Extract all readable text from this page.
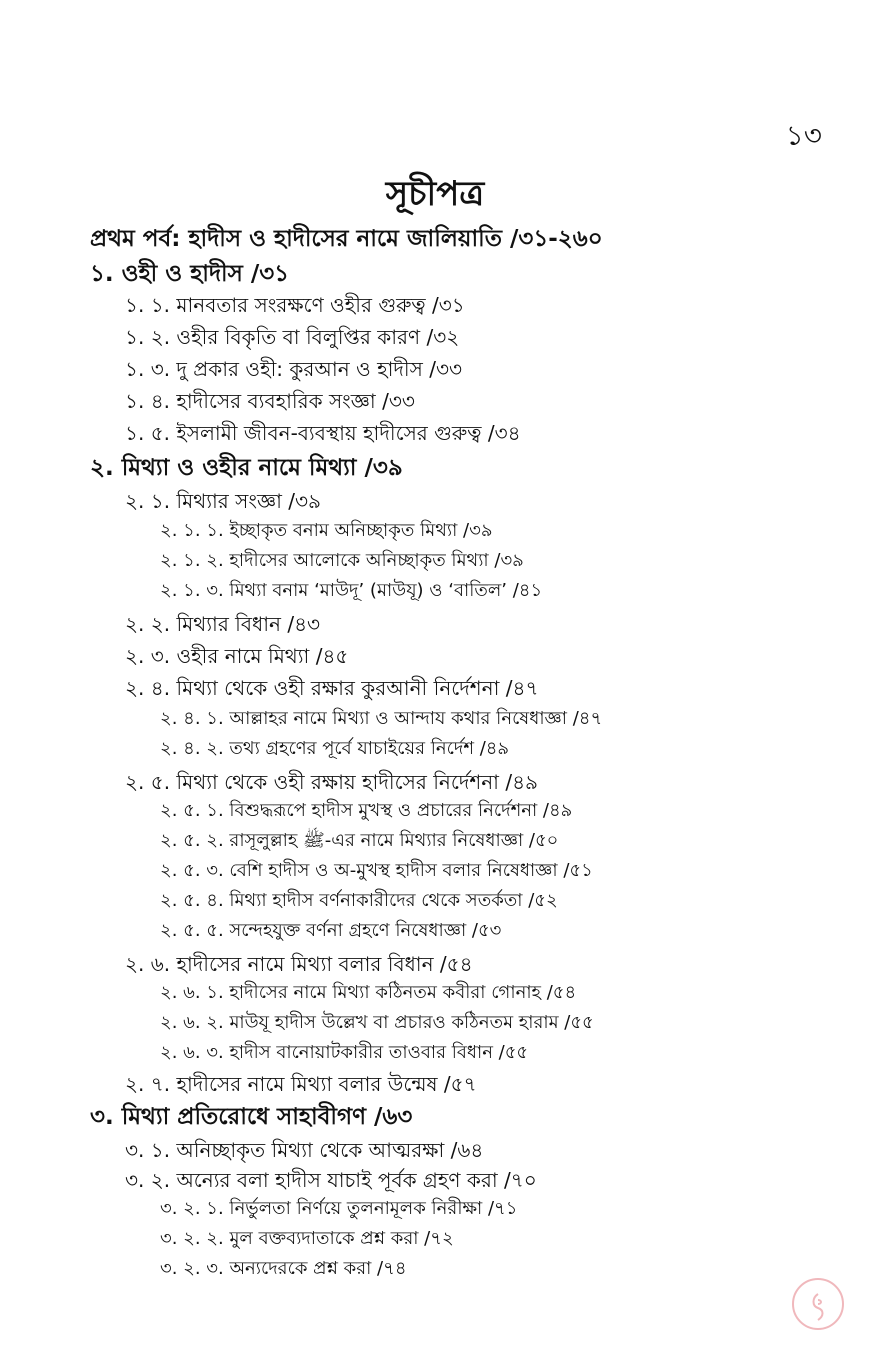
১৩
সূচীপত্র
প্রথম পর্ব: হাদীস ও হাদীসের নামে জালিয়াতি /৩১-২৬০
১. ওহী ও হাদীস /৩১
১. ১. মানবতার সংরক্ষণে ওহীর গুরুত্ব /৩১
১. ২. ওহীর বিকৃতি বা বিলুপ্তির কারণ /৩২
১. ৩. দু প্রকার ওহী: কুরআন ও হাদীস /৩৩
১. ৪. হাদীসের ব্যবহারিক সংজ্ঞা /৩৩
১. ৫. ইসলামী জীবন-ব্যবস্থায় হাদীসের গুরুত্ব /৩৪
২. মিথ্যা ও ওহীর নামে মিথ্যা /৩৯
২. ১. মিথ্যার সংজ্ঞা /৩৯
২. ১. ১. ইচ্ছাকৃত বনাম অনিচ্ছাকৃত মিথ্যা /৩৯
২. ১. ২. হাদীসের আলোকে অনিচ্ছাকৃত মিথ্যা /৩৯
২. ১. ৩. মিথ্যা বনাম ‘মাউদূ’ (মাউযূ) ও ‘বাতিল’ /৪১
২. ২. মিথ্যার বিধান /৪৩
২. ৩. ওহীর নামে মিথ্যা /৪৫
২. ৪. মিথ্যা থেকে ওহী রক্ষার কুরআনী নির্দেশনা /৪৭
২. ৪. ১. আল্লাহর নামে মিথ্যা ও আন্দায কথার নিষেধাজ্ঞা /৪৭
২. ৪. ২. তথ্য গ্রহণের পূর্বে যাচাইয়ের নির্দেশ /৪৯
২. ৫. মিথ্যা থেকে ওহী রক্ষায় হাদীসের নির্দেশনা /৪৯
২. ৫. ১. বিশুদ্ধরূপে হাদীস মুখস্থ ও প্রচারের নির্দেশনা /৪৯
২. ৫. ২. রাসূলুল্লাহ ﷺ-এর নামে মিথ্যার নিষেধাজ্ঞা /৫০
২. ৫. ৩. বেশি হাদীস ও অ-মুখস্থ হাদীস বলার নিষেধাজ্ঞা /৫১
২. ৫. ৪. মিথ্যা হাদীস বর্ণনাকারীদের থেকে সতর্কতা /৫২
২. ৫. ৫. সন্দেহযুক্ত বর্ণনা গ্রহণে নিষেধাজ্ঞা /৫৩
২. ৬. হাদীসের নামে মিথ্যা বলার বিধান /৫৪
২. ৬. ১. হাদীসের নামে মিথ্যা কঠিনতম কবীরা গোনাহ /৫৪
২. ৬. ২. মাউযূ হাদীস উল্লেখ বা প্রচারও কঠিনতম হারাম /৫৫
২. ৬. ৩. হাদীস বানোয়াটকারীর তাওবার বিধান /৫৫
২. ৭. হাদীসের নামে মিথ্যা বলার উন্মেষ /৫৭
৩. মিথ্যা প্রতিরোধে সাহাবীগণ /৬৩
৩. ১. অনিচ্ছাকৃত মিথ্যা থেকে আত্মরক্ষা /৬৪
৩. ২. অন্যের বলা হাদীস যাচাই পূর্বক গ্রহণ করা /৭০
৩. ২. ১. নির্ভুলতা নির্ণয়ে তুলনামূলক নিরীক্ষা /৭১
৩. ২. ২. মুল বক্তব্যদাতাকে প্রশ্ন করা /৭২
৩. ২. ৩. অন্যদেরকে প্রশ্ন করা /৭৪
